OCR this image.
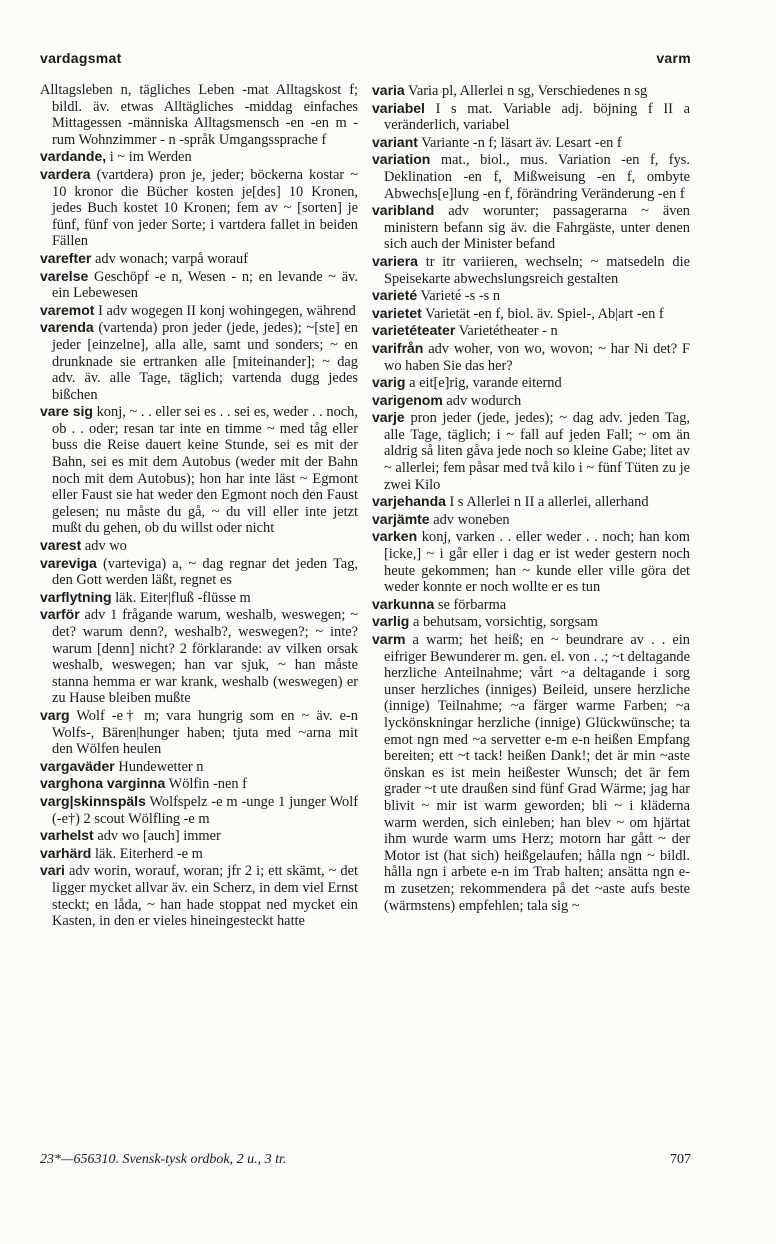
vardagsmat	varm

Alltagsleben n, tägliches Leben -mat Alltagskost f; bildl. äv. etwas Alltägliches -middag einfaches Mittagessen -människa Alltagsmensch -en -en m -rum Wohnzimmer - n -språk Umgangssprache f

vardande, i ~ im Werden

vardera (vartdera) pron je, jeder; böckerna kostar ~ 10 kronor die Bücher kosten je[des] 10 Kronen, jedes Buch kostet 10 Kronen; fem av ~ [sorten] je fünf, fünf von jeder Sorte; i vartdera fallet in beiden Fällen

varefter adv wonach; varpå worauf

varelse Geschöpf -e n, Wesen - n; en levande ~ äv. ein Lebewesen

varemot I adv wogegen II konj wohingegen, während

varenda (vartenda) pron jeder (jede, jedes); ~[ste] en jeder [einzelne], alla alle, samt und sonders; ~ en drunknade sie ertranken alle [miteinander]; ~ dag adv. äv. alle Tage, täglich; vartenda dugg jedes bißchen

vare sig konj, ~ . . eller sei es . . sei es, weder . . noch, ob . . oder; resan tar inte en timme ~ med tåg eller buss die Reise dauert keine Stunde, sei es mit der Bahn, sei es mit dem Autobus (weder mit der Bahn noch mit dem Autobus); hon har inte läst ~ Egmont eller Faust sie hat weder den Egmont noch den Faust gelesen; nu måste du gå, ~ du vill eller inte jetzt mußt du gehen, ob du willst oder nicht

varest adv wo

vareviga (varteviga) a, ~ dag regnar det jeden Tag, den Gott werden läßt, regnet es

varflytning läk. Eiter|fluß -flüsse m

varför adv 1 frågande warum, weshalb, weswegen; ~ det? warum denn?, weshalb?, weswegen?; ~ inte? warum [denn] nicht? 2 förklarande: av vilken orsak weshalb, weswegen; han var sjuk, ~ han måste stanna hemma er war krank, weshalb (weswegen) er zu Hause bleiben mußte

varg Wolf -e† m; vara hungrig som en ~ äv. e-n Wolfs-, Bären|hunger haben; tjuta med ~arna mit den Wölfen heulen

vargaväder Hundewetter n

varghona varginna Wölfin -nen f

varg|skinnspäls Wolfspelz -e m -unge 1 junger Wolf (-e†) 2 scout Wölfling -e m

varhelst adv wo [auch] immer

varhärd läk. Eiterherd -e m

vari adv worin, worauf, woran; jfr 2 i; ett skämt, ~ det ligger mycket allvar äv. ein Scherz, in dem viel Ernst steckt; en låda, ~ han hade stoppat ned mycket ein Kasten, in den er vieles hineingesteckt hatte

varia Varia pl, Allerlei n sg, Verschiedenes n sg

variabel I s mat. Variable adj. böjning f II a veränderlich, variabel

variant Variante -n f; läsart äv. Lesart -en f

variation mat., biol., mus. Variation -en f, fys. Deklination -en f, Mißweisung -en f, ombyte Abwechs[e]lung -en f, förändring Veränderung -en f

varibland adv worunter; passagerarna ~ även ministern befann sig äv. die Fahrgäste, unter denen sich auch der Minister befand

variera tr itr variieren, wechseln; ~ matsedeln die Speisekarte abwechslungsreich gestalten

varieté Varieté -s -s n

varietet Varietät -en f, biol. äv. Spiel-, Ab|art -en f

varietéteater Varietétheater - n

varifrån adv woher, von wo, wovon; ~ har Ni det? F wo haben Sie das her?

varig a eit[e]rig, varande eiternd

varigenom adv wodurch

varje pron jeder (jede, jedes); ~ dag adv. jeden Tag, alle Tage, täglich; i ~ fall auf jeden Fall; ~ om än aldrig så liten gåva jede noch so kleine Gabe; litet av ~ allerlei; fem påsar med två kilo i ~ fünf Tüten zu je zwei Kilo

varjehanda I s Allerlei n II a allerlei, allerhand

varjämte adv woneben

varken konj, varken . . eller weder . . noch; han kom [icke,] ~ i går eller i dag er ist weder gestern noch heute gekommen; han ~ kunde eller ville göra det weder konnte er noch wollte er es tun

varkunna se förbarma

varlig a behutsam, vorsichtig, sorgsam

varm a warm; het heiß; en ~ beundrare av . . ein eifriger Bewunderer m. gen. el. von . .; ~t deltagande herzliche Anteilnahme; vårt ~a deltagande i sorg unser herzliches (inniges) Beileid, unsere herzliche (innige) Teilnahme; ~a färger warme Farben; ~a lyckönskningar herzliche (innige) Glückwünsche; ta emot ngn med ~a servetter e-m e-n heißen Empfang bereiten; ett ~t tack! heißen Dank!; det är min ~aste önskan es ist mein heißester Wunsch; det är fem grader ~t ute draußen sind fünf Grad Wärme; jag har blivit ~ mir ist warm geworden; bli ~ i kläderna warm werden, sich einleben; han blev ~ om hjärtat ihm wurde warm ums Herz; motorn har gått ~ der Motor ist (hat sich) heißgelaufen; hålla ngn ~ bildl. hålla ngn i arbete e-n im Trab halten; ansätta ngn e-m zusetzen; rekommendera på det ~aste aufs beste (wärmstens) empfehlen; tala sig ~

23*—656310. Svensk-tysk ordbok, 2 u., 3 tr.	707
